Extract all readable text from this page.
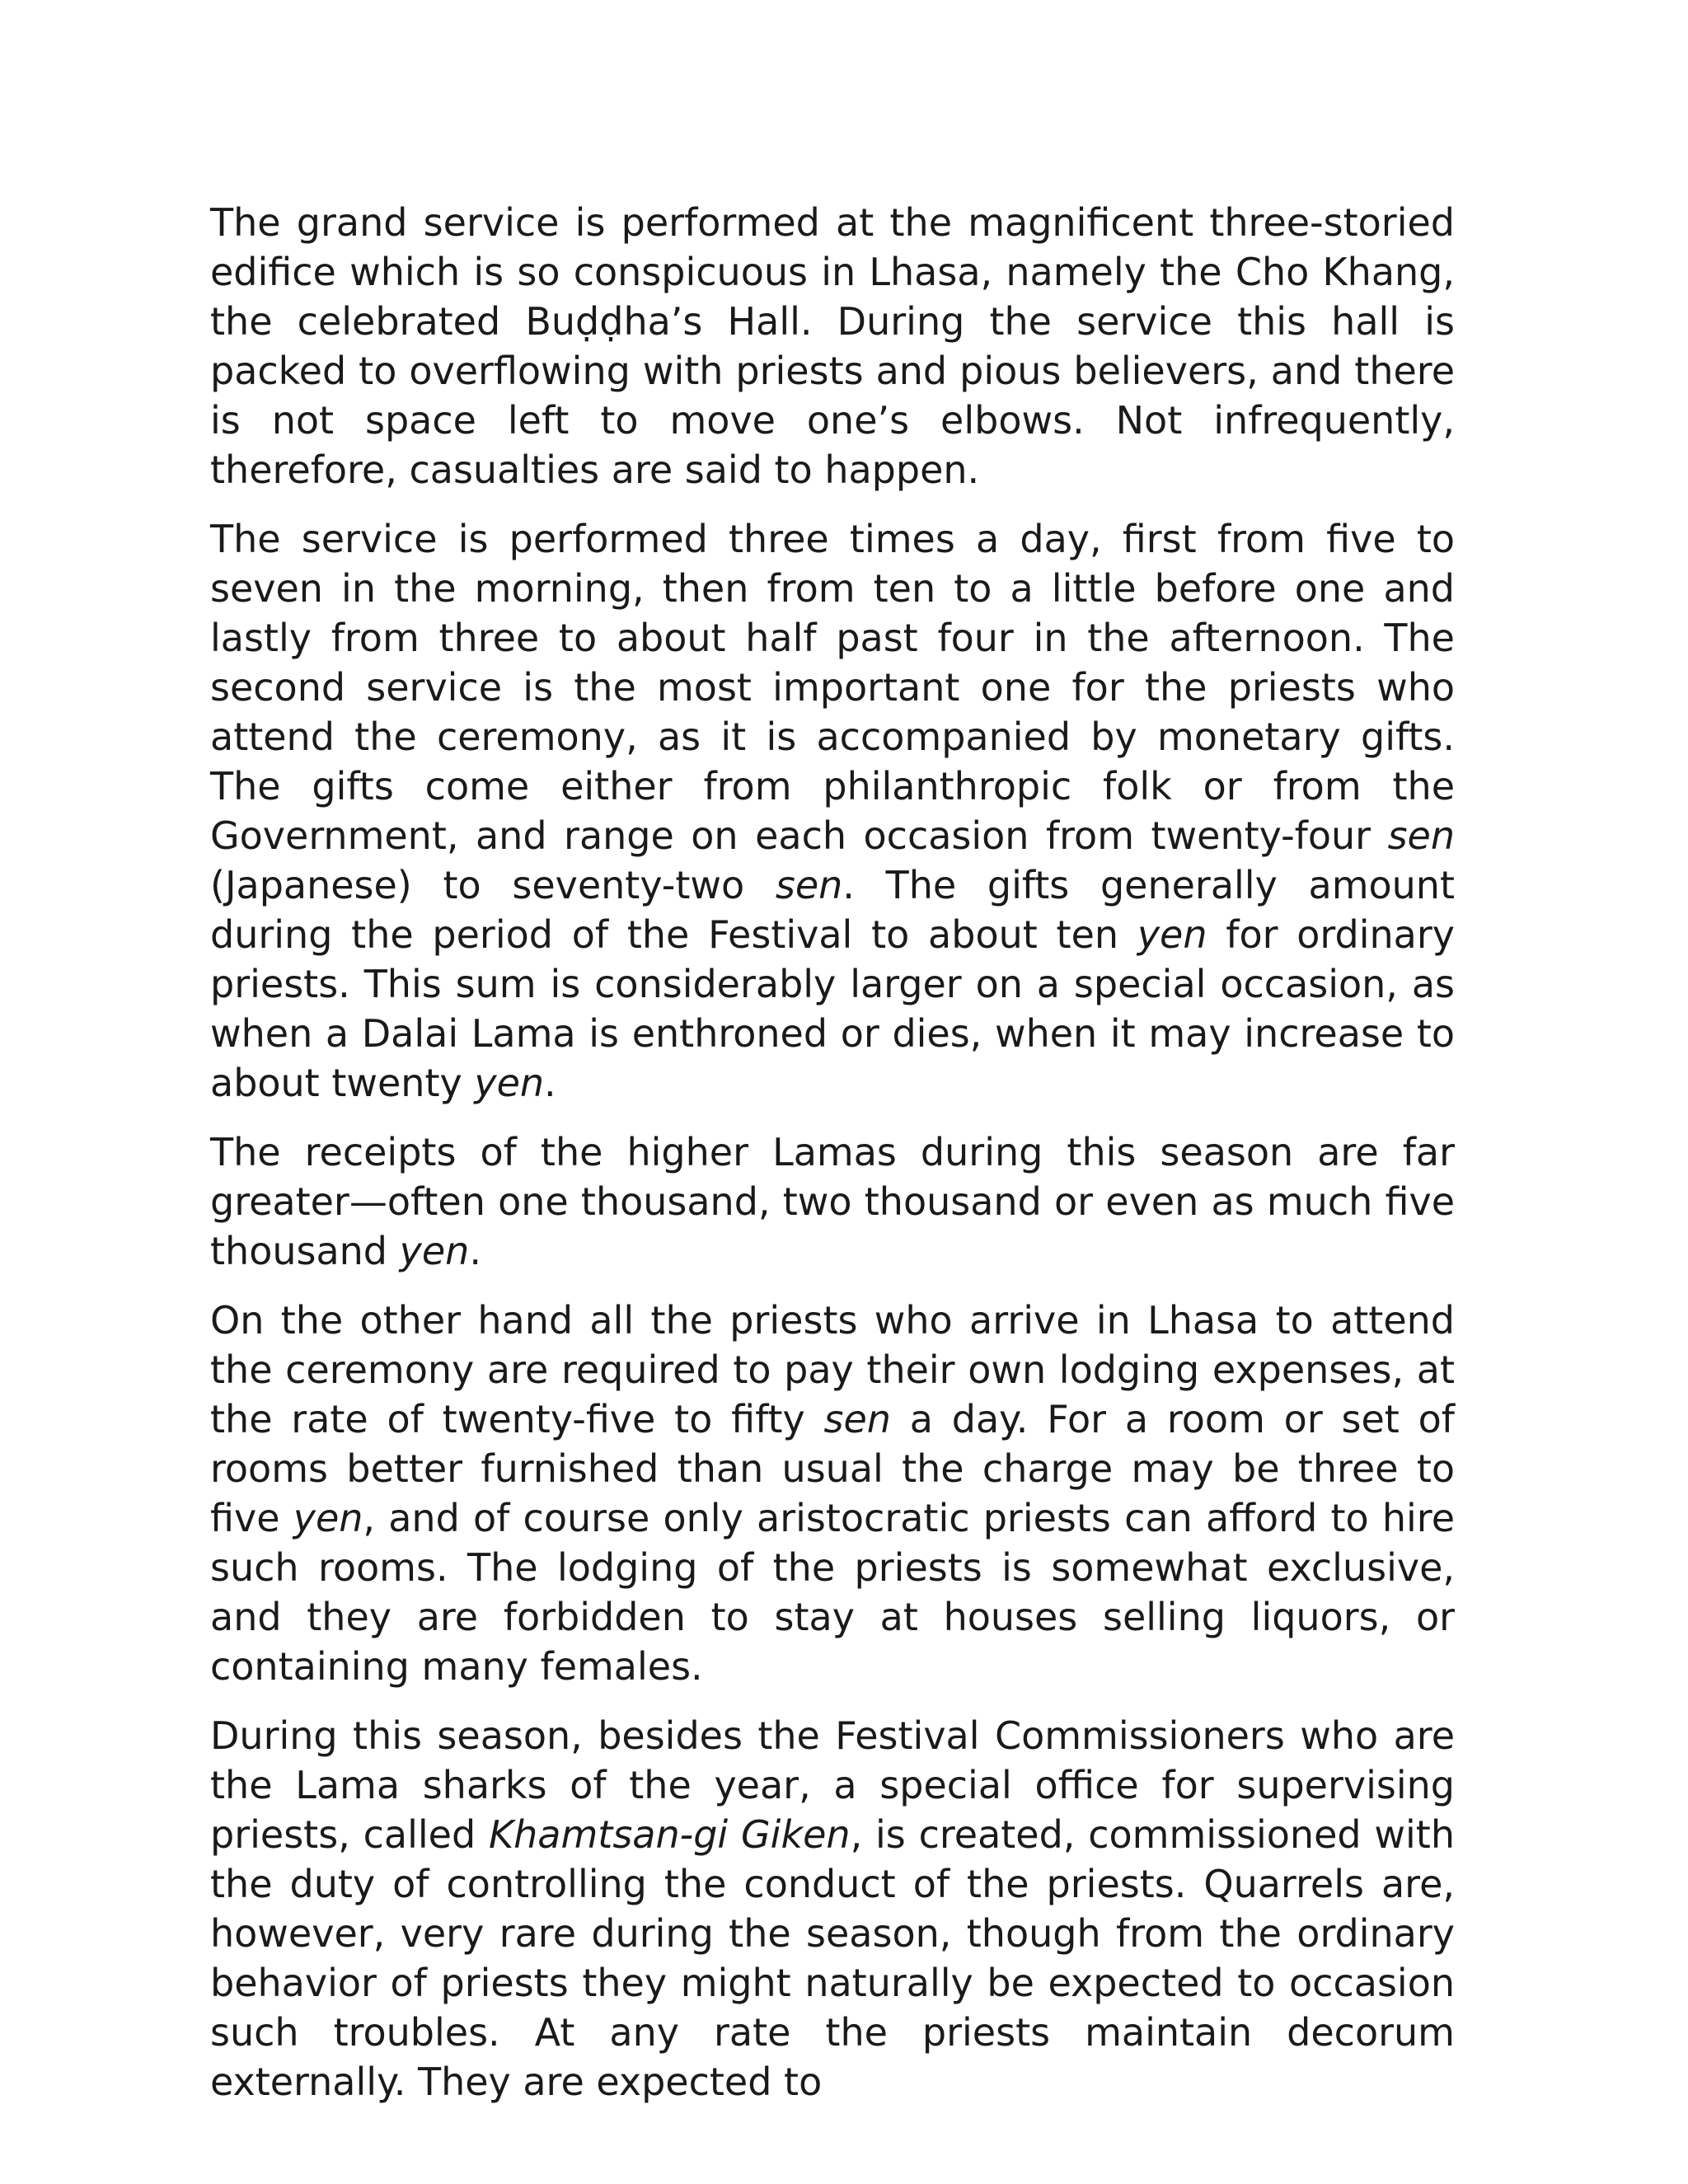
The grand service is performed at the magnificent three-storied edifice which is so conspicuous in Lhasa, namely the Cho Khang, the celebrated Buḍḍha’s Hall. During the service this hall is packed to overflowing with priests and pious believers, and there is not space left to move one’s elbows. Not infrequently, therefore, casualties are said to happen.

The service is performed three times a day, first from five to seven in the morning, then from ten to a little before one and lastly from three to about half past four in the afternoon. The second service is the most important one for the priests who attend the ceremony, as it is accompanied by monetary gifts. The gifts come either from philanthropic folk or from the Government, and range on each occasion from twenty-four sen (Japanese) to seventy-two sen. The gifts generally amount during the period of the Festival to about ten yen for ordinary priests. This sum is considerably larger on a special occasion, as when a Dalai Lama is enthroned or dies, when it may increase to about twenty yen.

The receipts of the higher Lamas during this season are far greater—often one thousand, two thousand or even as much five thousand yen.

On the other hand all the priests who arrive in Lhasa to attend the ceremony are required to pay their own lodging expenses, at the rate of twenty-five to fifty sen a day. For a room or set of rooms better furnished than usual the charge may be three to five yen, and of course only aristocratic priests can afford to hire such rooms. The lodging of the priests is somewhat exclusive, and they are forbidden to stay at houses selling liquors, or containing many females.

During this season, besides the Festival Commissioners who are the Lama sharks of the year, a special office for supervising priests, called Khamtsan-gi Giken, is created, commissioned with the duty of controlling the conduct of the priests. Quarrels are, however, very rare during the season, though from the ordinary behavior of priests they might naturally be expected to occasion such troubles. At any rate the priests maintain decorum externally. They are expected to
